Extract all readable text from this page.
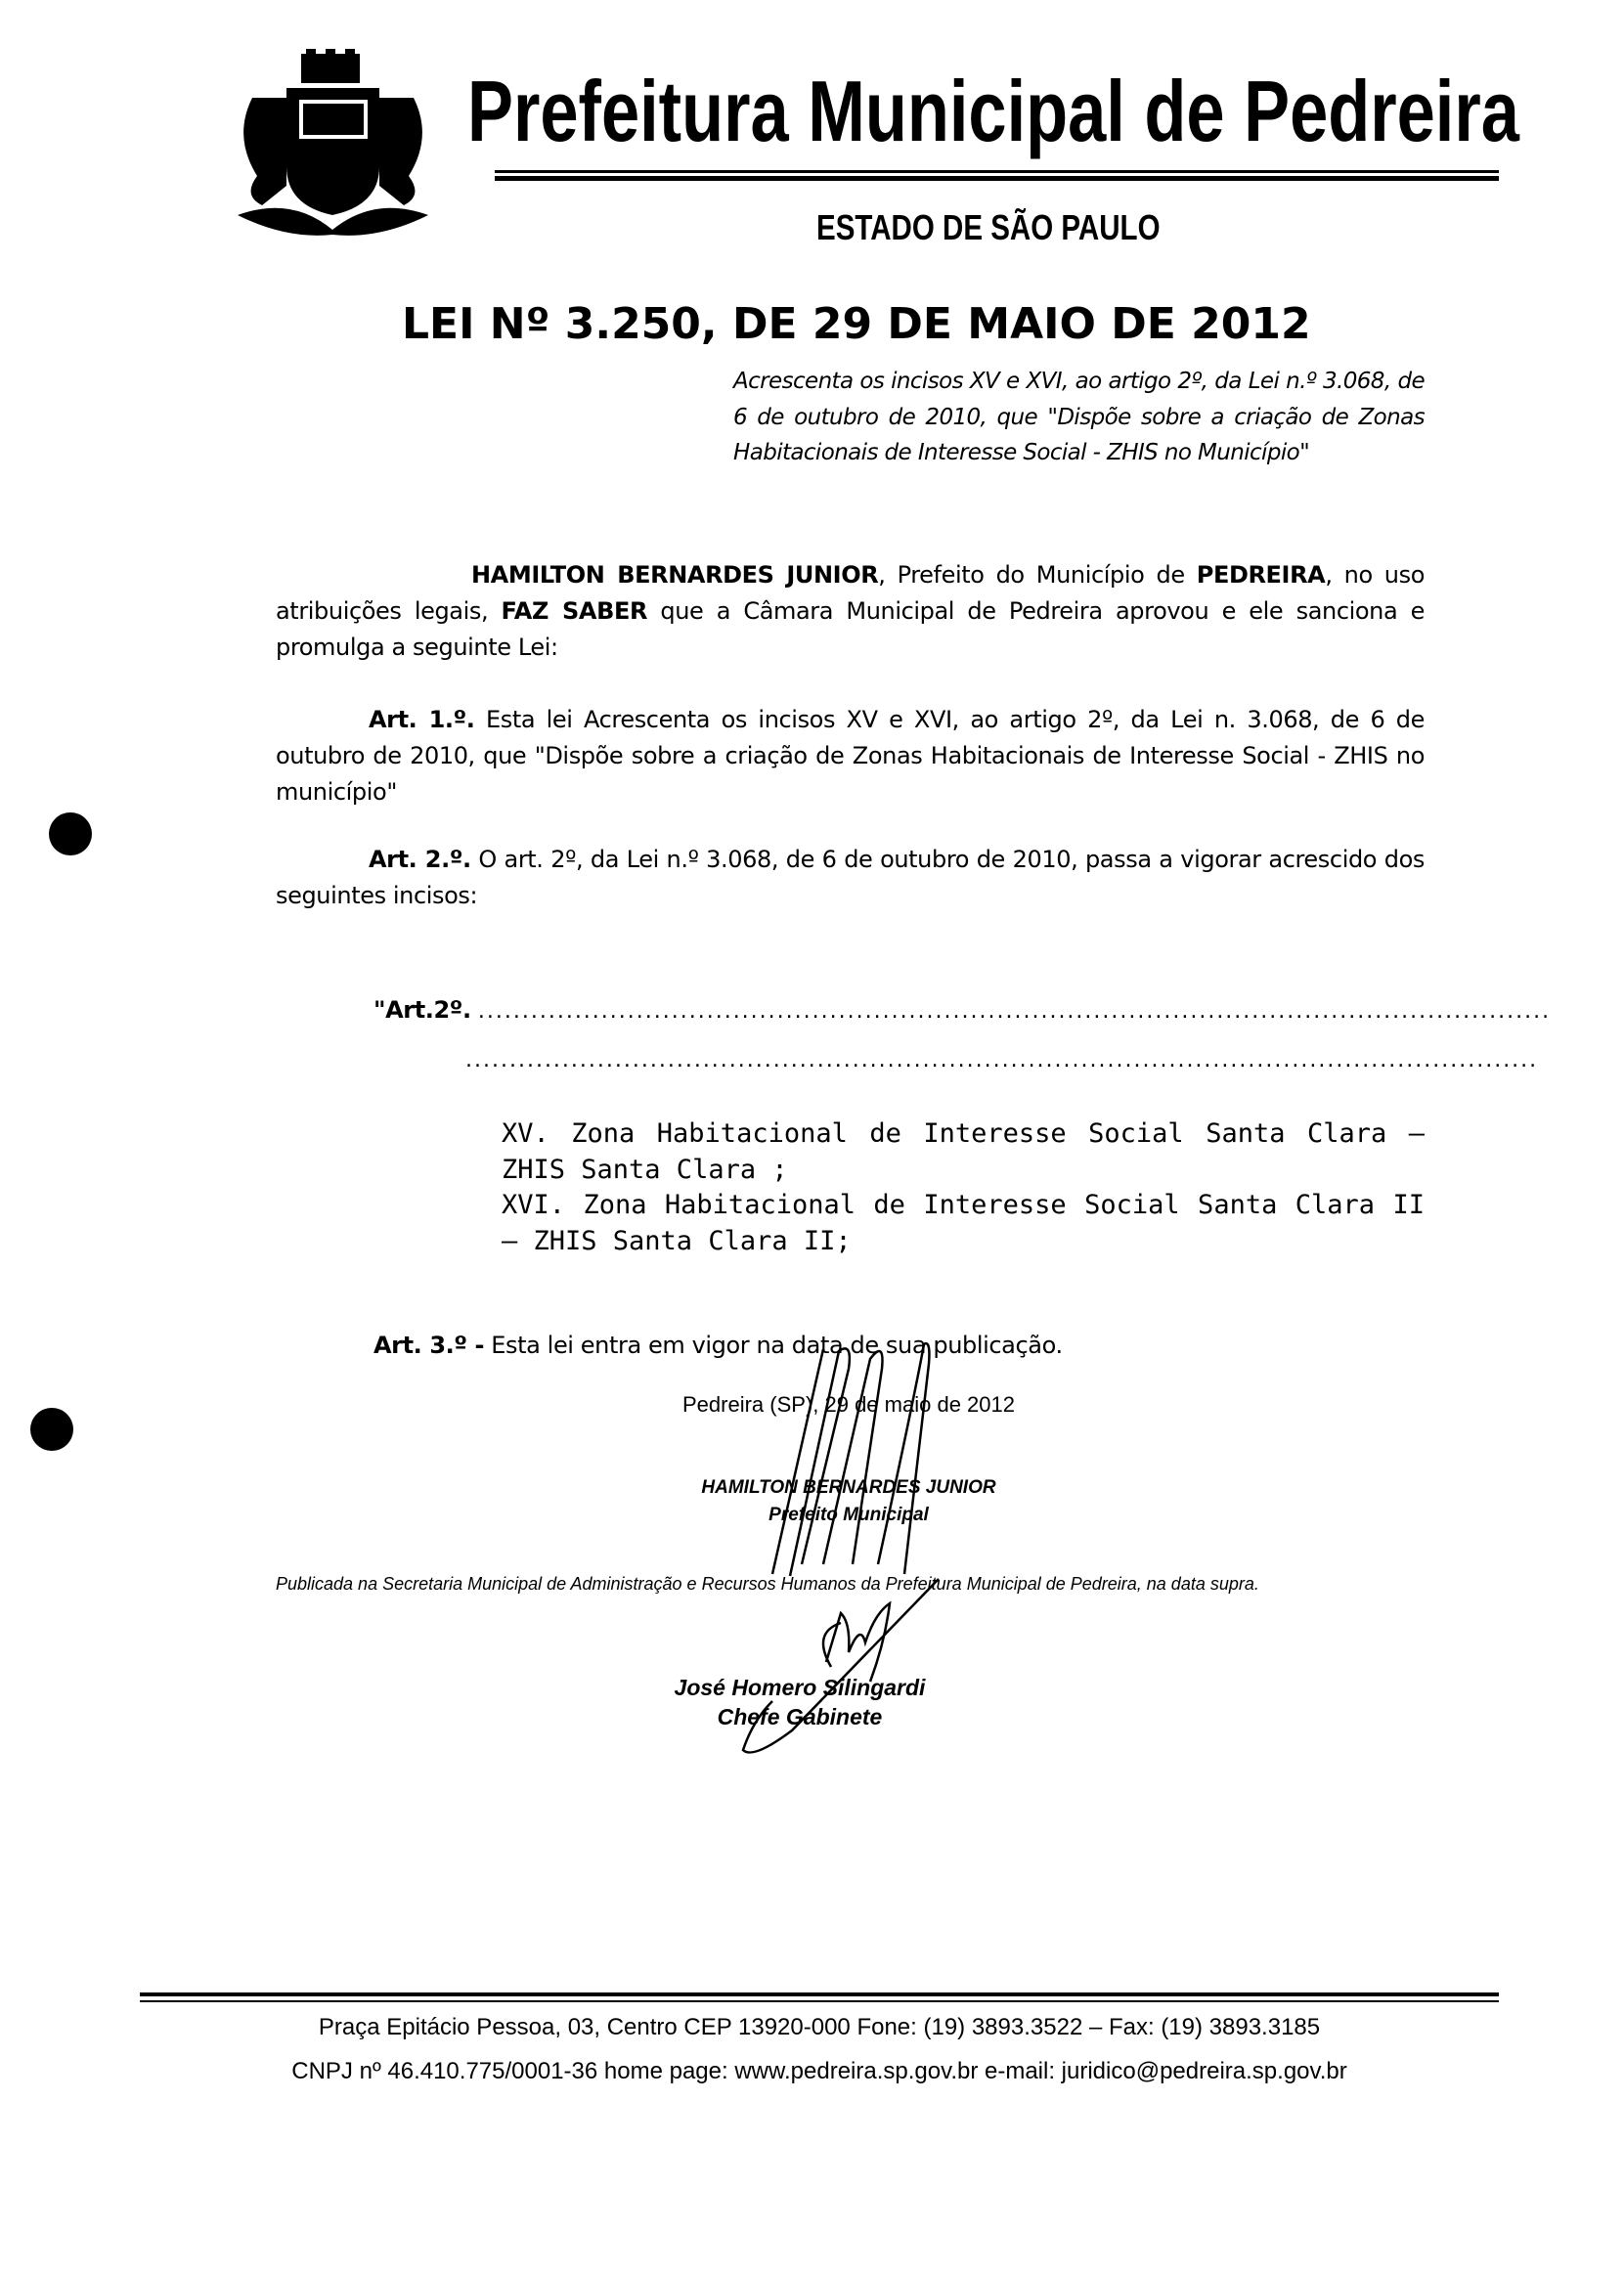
Prefeitura Municipal de Pedreira
ESTADO DE SÃO PAULO
LEI Nº 3.250, DE 29 DE MAIO DE 2012
Acrescenta os incisos XV e XVI, ao artigo 2º, da Lei n.º 3.068, de 6 de outubro de 2010, que "Dispõe sobre a criação de Zonas Habitacionais de Interesse Social - ZHIS no Município"
HAMILTON BERNARDES JUNIOR, Prefeito do Município de PEDREIRA, no uso atribuições legais, FAZ SABER que a Câmara Municipal de Pedreira aprovou e ele sanciona e promulga a seguinte Lei:
Art. 1.º. Esta lei Acrescenta os incisos XV e XVI, ao artigo 2º, da Lei n. 3.068, de 6 de outubro de 2010, que "Dispõe sobre a criação de Zonas Habitacionais de Interesse Social - ZHIS no município"
Art. 2.º. O art. 2º, da Lei n.º 3.068, de 6 de outubro de 2010, passa a vigorar acrescido dos seguintes incisos:
"Art.2º. ..........................................................................................................................
..........................................................................................................................
XV. Zona Habitacional de Interesse Social Santa Clara – ZHIS Santa Clara ;
XVI. Zona Habitacional de Interesse Social Santa Clara II – ZHIS Santa Clara II;
Art. 3.º - Esta lei entra em vigor na data de sua publicação.
Pedreira (SP), 29 de maio de 2012
HAMILTON BERNARDES JUNIOR
Prefeito Municipal
Publicada na Secretaria Municipal de Administração e Recursos Humanos da Prefeitura Municipal de Pedreira, na data supra.
José Homero Silingardi
Chefe Gabinete
Praça Epitácio Pessoa, 03, Centro CEP 13920-000 Fone: (19) 3893.3522 – Fax: (19) 3893.3185
CNPJ nº 46.410.775/0001-36 home page: www.pedreira.sp.gov.br e-mail: juridico@pedreira.sp.gov.br
